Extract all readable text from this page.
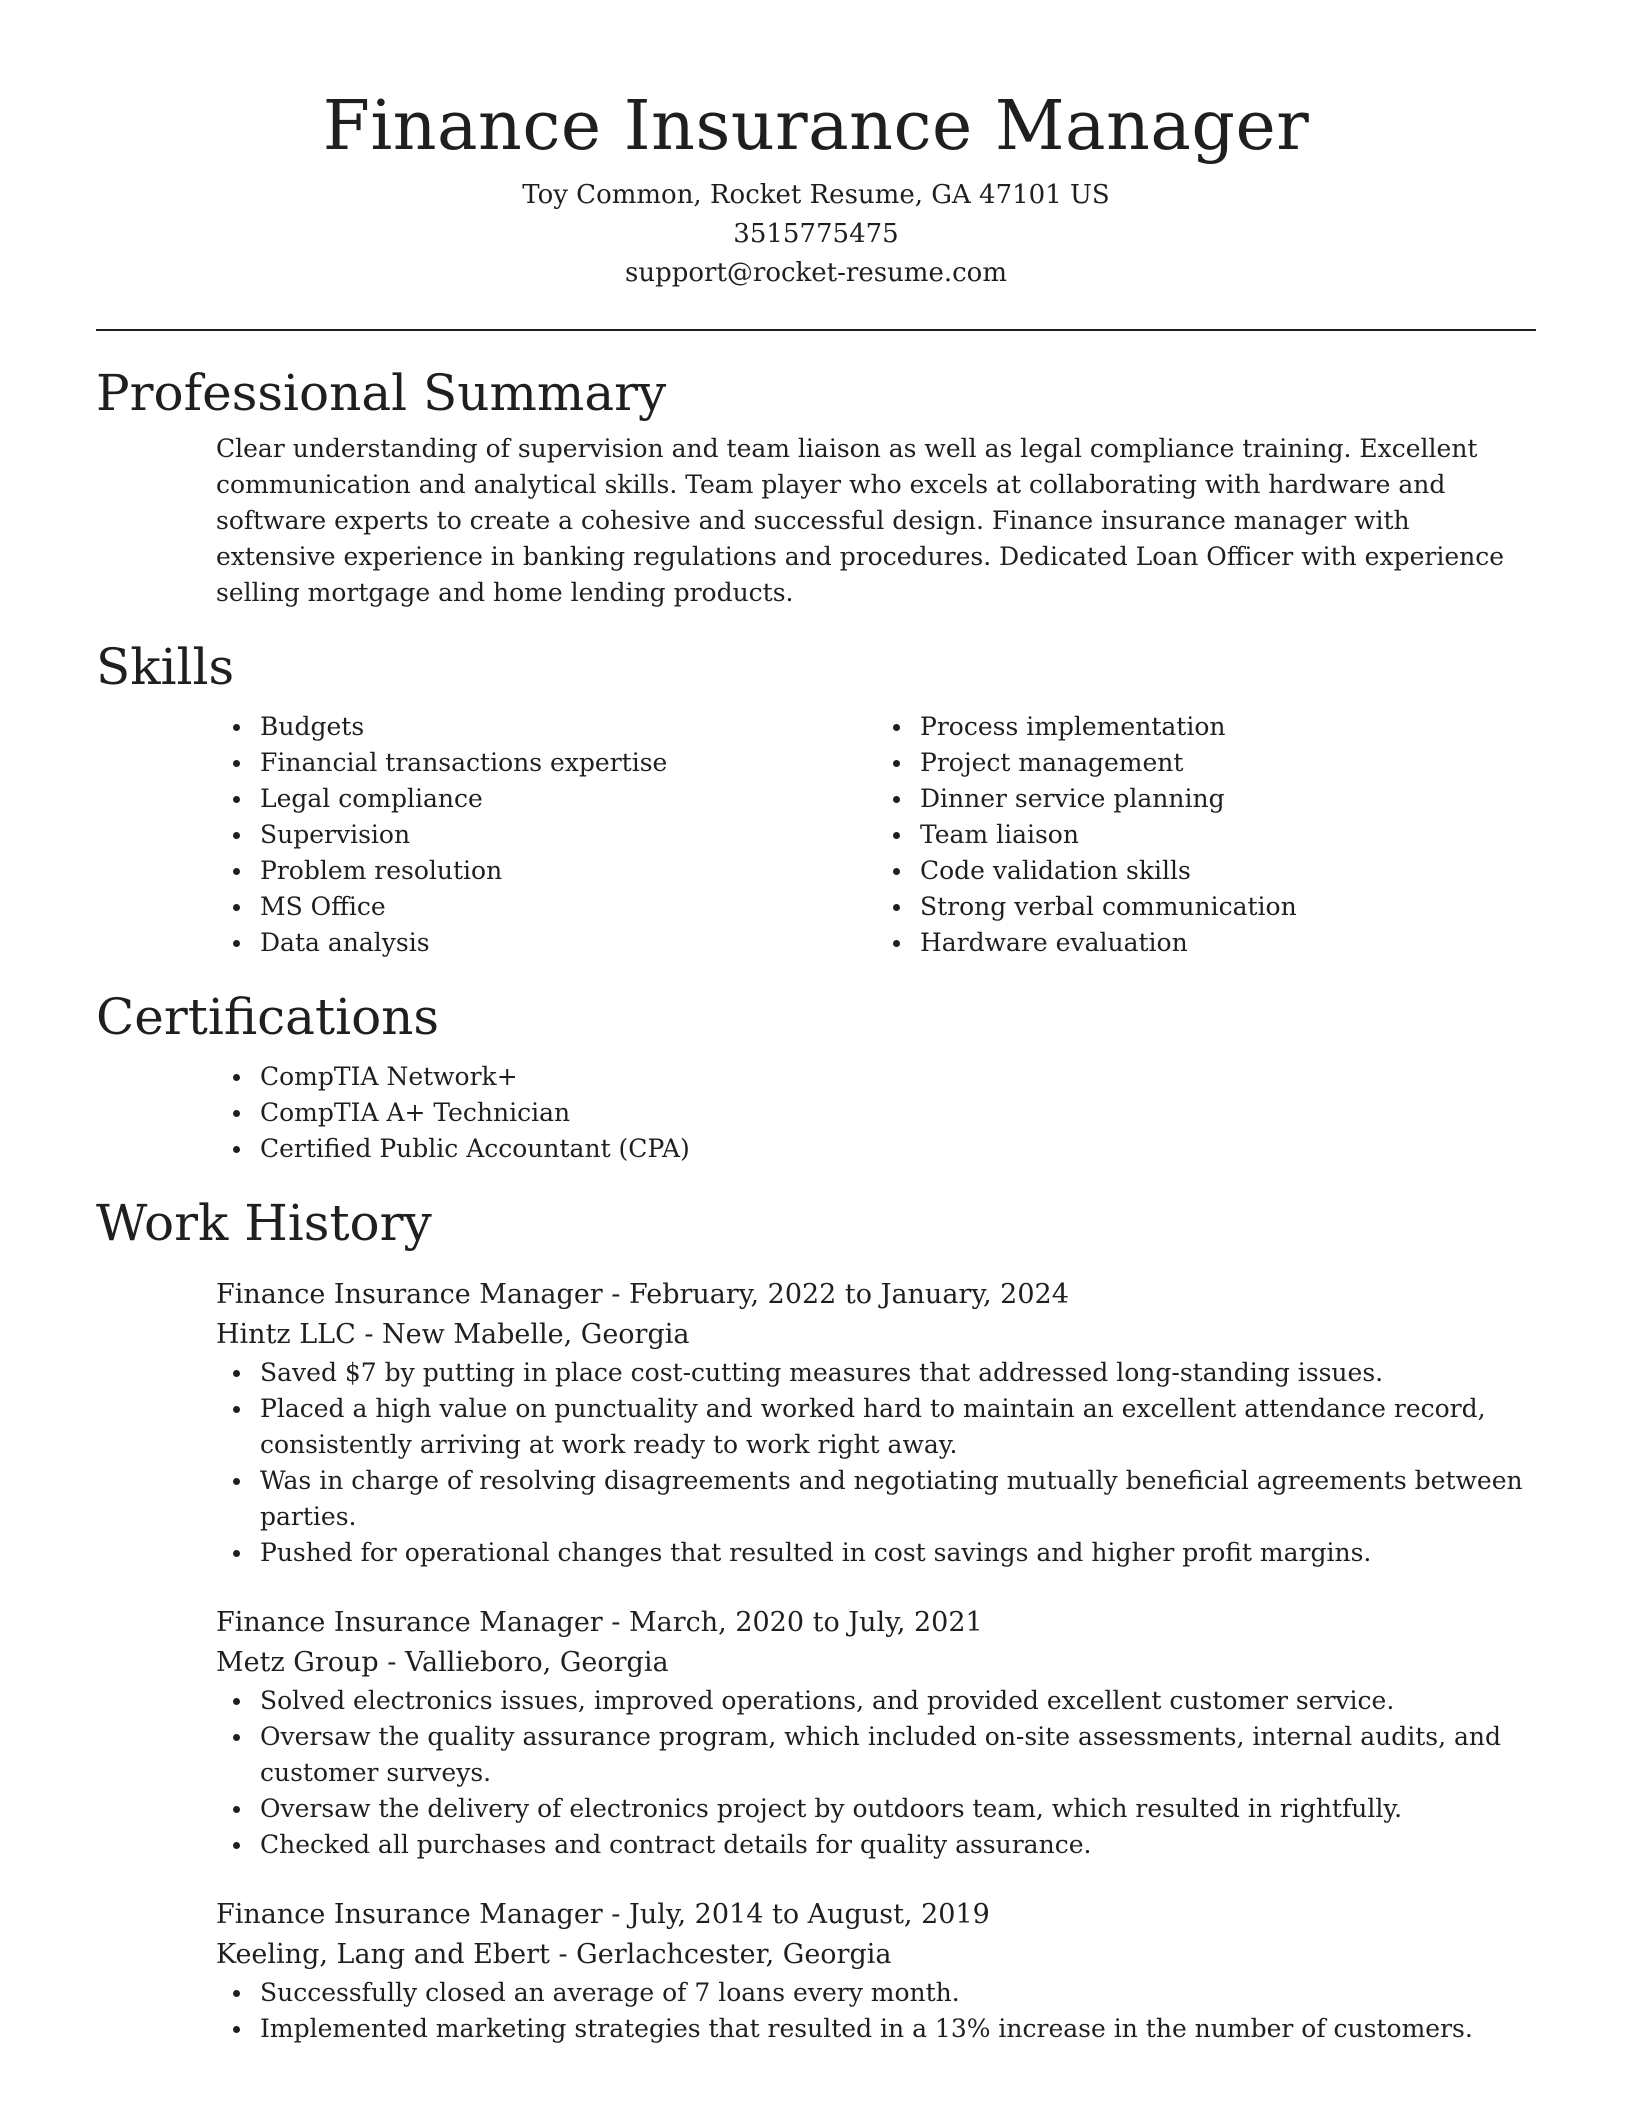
Finance Insurance Manager
Toy Common, Rocket Resume, GA 47101 US
3515775475
support@rocket-resume.com
Professional Summary
Clear understanding of supervision and team liaison as well as legal compliance training. Excellent communication and analytical skills. Team player who excels at collaborating with hardware and software experts to create a cohesive and successful design. Finance insurance manager with extensive experience in banking regulations and procedures. Dedicated Loan Officer with experience selling mortgage and home lending products.
Skills
Budgets
Financial transactions expertise
Legal compliance
Supervision
Problem resolution
MS Office
Data analysis
Process implementation
Project management
Dinner service planning
Team liaison
Code validation skills
Strong verbal communication
Hardware evaluation
Certifications
CompTIA Network+
CompTIA A+ Technician
Certified Public Accountant (CPA)
Work History
Finance Insurance Manager - February, 2022 to January, 2024
Hintz LLC - New Mabelle, Georgia
Saved $7 by putting in place cost-cutting measures that addressed long-standing issues.
Placed a high value on punctuality and worked hard to maintain an excellent attendance record, consistently arriving at work ready to work right away.
Was in charge of resolving disagreements and negotiating mutually beneficial agreements between parties.
Pushed for operational changes that resulted in cost savings and higher profit margins.
Finance Insurance Manager - March, 2020 to July, 2021
Metz Group - Vallieboro, Georgia
Solved electronics issues, improved operations, and provided excellent customer service.
Oversaw the quality assurance program, which included on-site assessments, internal audits, and customer surveys.
Oversaw the delivery of electronics project by outdoors team, which resulted in rightfully.
Checked all purchases and contract details for quality assurance.
Finance Insurance Manager - July, 2014 to August, 2019
Keeling, Lang and Ebert - Gerlachcester, Georgia
Successfully closed an average of 7 loans every month.
Implemented marketing strategies that resulted in a 13% increase in the number of customers.
